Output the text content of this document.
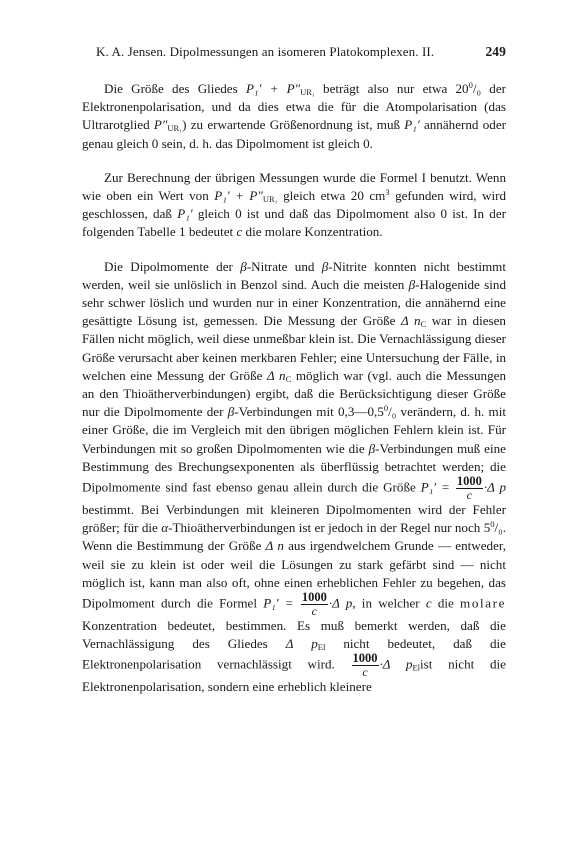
K. A. Jensen. Dipolmessungen an isomeren Platokomplexen. II.	249

Die Größe des Gliedes $P_1' + P''_{UR_1}$ beträgt also nur etwa $20^0/_0$ der Elektronenpolarisation, und da dies etwa die für die Atompolarisation (das Ultrarotglied $P''_{UR_1}$) zu erwartende Größenordnung ist, muß P₁′ annähernd oder genau gleich 0 sein, d. h. das Dipolmoment ist gleich 0.

Zur Berechnung der übrigen Messungen wurde die Formel I benutzt. Wenn wie oben ein Wert von $P_1' + P''_{UR_1}$ gleich etwa 20 $cm^3$ gefunden wird, wird geschlossen, daß P₁′ gleich 0 ist und daß das Dipolmoment also 0 ist. In der folgenden Tabelle 1 bedeutet c die molare Konzentration.

Die Dipolmomente der β-Nitrate und β-Nitrite konnten nicht bestimmt werden, weil sie unlöslich in Benzol sind. Auch die meisten β-Halogenide sind sehr schwer löslich und wurden nur in einer Konzentration, die annähernd eine gesättigte Lösung ist, gemessen. Die Messung der Größe Δ $n_C$ war in diesen Fällen nicht möglich, weil diese unmeßbar klein ist. Die Vernachlässigung dieser Größe verursacht aber keinen merkbaren Fehler; eine Untersuchung der Fälle, in welchen eine Messung der Größe Δ $n_C$ möglich war (vgl. auch die Messungen an den Thioätherverbindungen) ergibt, daß die Berücksichtigung dieser Größe nur die Dipolmomente der β-Verbindungen mit $0,3—0,5^0/_0$ verändern, d. h. mit einer Größe, die im Vergleich mit den übrigen möglichen Fehlern klein ist. Für Verbindungen mit so großen Dipolmomenten wie die β-Verbindungen muß eine Bestimmung des Brechungsexponenten als überflüssig betrachtet werden; die Dipolmomente sind fast ebenso genau allein durch die Größe $P_1' = \frac{1000}{c} \cdot\Delta$ p bestimmt. Bei Verbindungen mit kleineren Dipolmomenten wird der Fehler größer; für die α-Thioätherverbindungen ist er jedoch in der Regel nur noch $5^0/_0$. Wenn die Bestimmung der Größe Δ n aus irgendwelchem Grunde — entweder, weil sie zu klein ist oder weil die Lösungen zu stark gefärbt sind — nicht möglich ist, kann man also oft, ohne einen erheblichen Fehler zu begehen, das Dipolmoment durch die Formel $P_1' = \frac{1000}{c} \cdot\Delta$ p, in welcher c die molare Konzentration bedeutet, bestimmen. Es muß bemerkt werden, daß die Vernachlässigung des Gliedes Δ $p_{El}$ nicht bedeutet, daß die Elektronenpolarisation vernachlässigt wird. $\frac{1000}{c} \cdot\Delta$ $p_{El}ist$ nicht die Elektronenpolarisation, sondern eine erheblich kleinere
